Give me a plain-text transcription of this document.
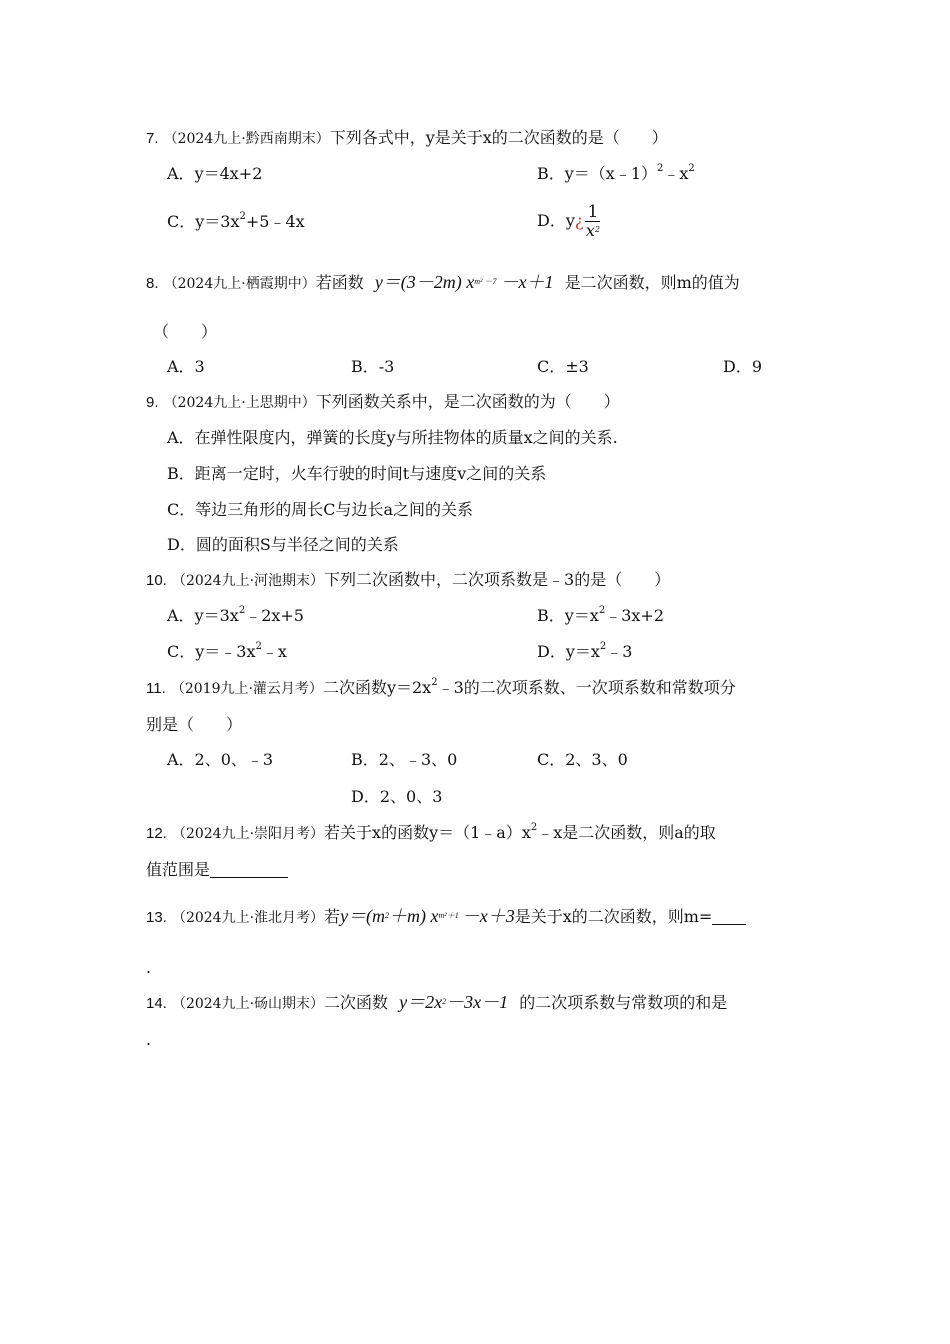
7. （2024九上·黔西南期末）下列各式中，y是关于x的二次函数的是（　　）
A．y＝4x+2	B．$y=(x﹣1)^2﹣x^2$
C．$y=3x^2+5﹣4x$	D．y¿ $\frac{1}{x^2}$
8. （2024九上·栖霞期中）若函数 y＝(3－2m) $x^{m^2 -7} -x+1$ 是二次函数，则m的值为
（　　）
A．3	B．-3	C．±3	D．9
9. （2024九上·上思期中）下列函数关系中，是二次函数的为（　　）
A．在弹性限度内，弹簧的长度y与所挂物体的质量x之间的关系.
B．距离一定时，火车行驶的时间t与速度v之间的关系
C．等边三角形的周长C与边长a之间的关系
D．圆的面积S与半径之间的关系
10. （2024九上·河池期末）下列二次函数中，二次项系数是﹣3的是（　　）
A．$y=3x^2﹣2x+5$	B．$y=x^2﹣3x+2$
C．$y=﹣3x^2﹣x$	D．$y=x^2﹣3$
11. （2019九上·灌云月考）二次函数$y=2x^2﹣3$的二次项系数、一次项系数和常数项分
别是（　　）
A．2、0、﹣3	B．2、﹣3、0	C．2、3、0
D．2、0、3
12. （2024九上·崇阳月考）若关于x的函数$y=(1﹣a)x^2﹣x$是二次函数，则a的取
值范围是
13. （2024九上·淮北月考）若$y=(m^2+m)$ $x^{m^2+1} -x+3$是关于x的二次函数，则m=
.
14. （2024九上·砀山期末）二次函数 $y=2x^2-3x-1$ 的二次项系数与常数项的和是
.
